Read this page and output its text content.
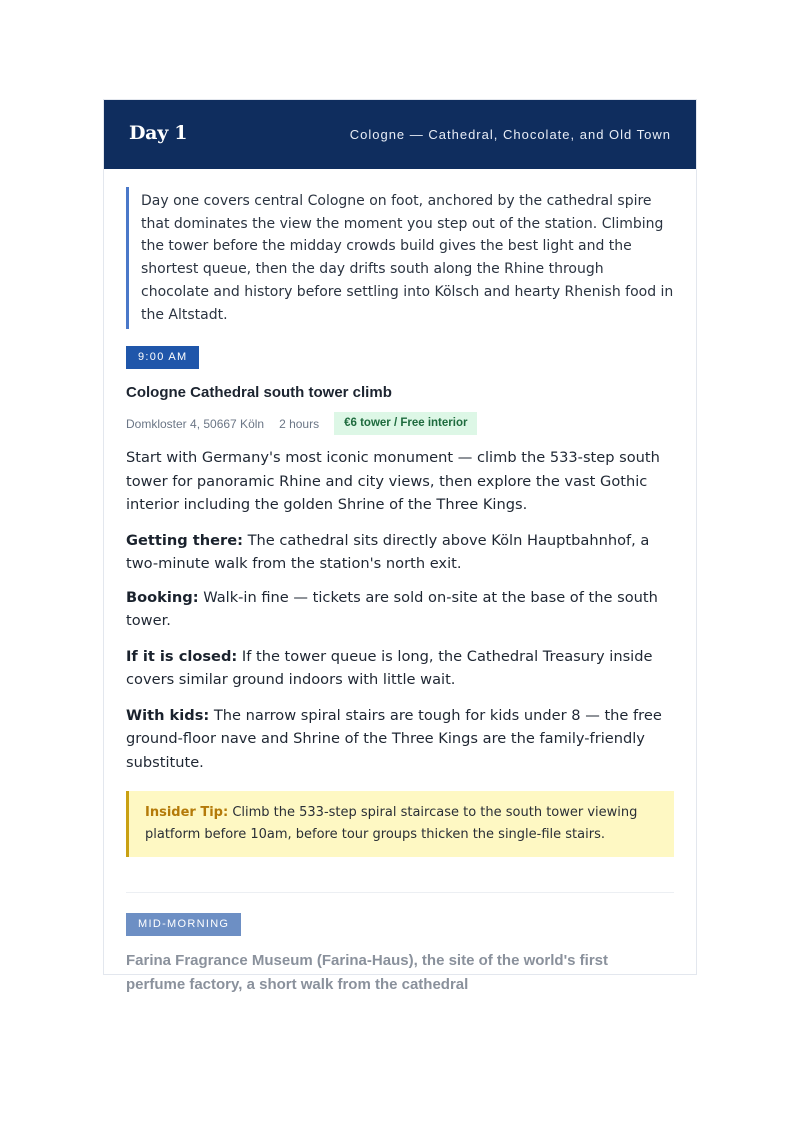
Day 1	Cologne — Cathedral, Chocolate, and Old Town
Day one covers central Cologne on foot, anchored by the cathedral spire that dominates the view the moment you step out of the station. Climbing the tower before the midday crowds build gives the best light and the shortest queue, then the day drifts south along the Rhine through chocolate and history before settling into Kölsch and hearty Rhenish food in the Altstadt.
9:00 AM
Cologne Cathedral south tower climb
Domkloster 4, 50667 Köln 2 hours	€6 tower / Free interior
Start with Germany's most iconic monument — climb the 533-step south tower for panoramic Rhine and city views, then explore the vast Gothic interior including the golden Shrine of the Three Kings.
Getting there: The cathedral sits directly above Köln Hauptbahnhof, a two-minute walk from the station's north exit.
Booking: Walk-in fine — tickets are sold on-site at the base of the south tower.
If it is closed: If the tower queue is long, the Cathedral Treasury inside covers similar ground indoors with little wait.
With kids: The narrow spiral stairs are tough for kids under 8 — the free ground-floor nave and Shrine of the Three Kings are the family-friendly substitute.
Insider Tip: Climb the 533-step spiral staircase to the south tower viewing platform before 10am, before tour groups thicken the single-file stairs.
MID-MORNING
Farina Fragrance Museum (Farina-Haus), the site of the world's first perfume factory, a short walk from the cathedral
